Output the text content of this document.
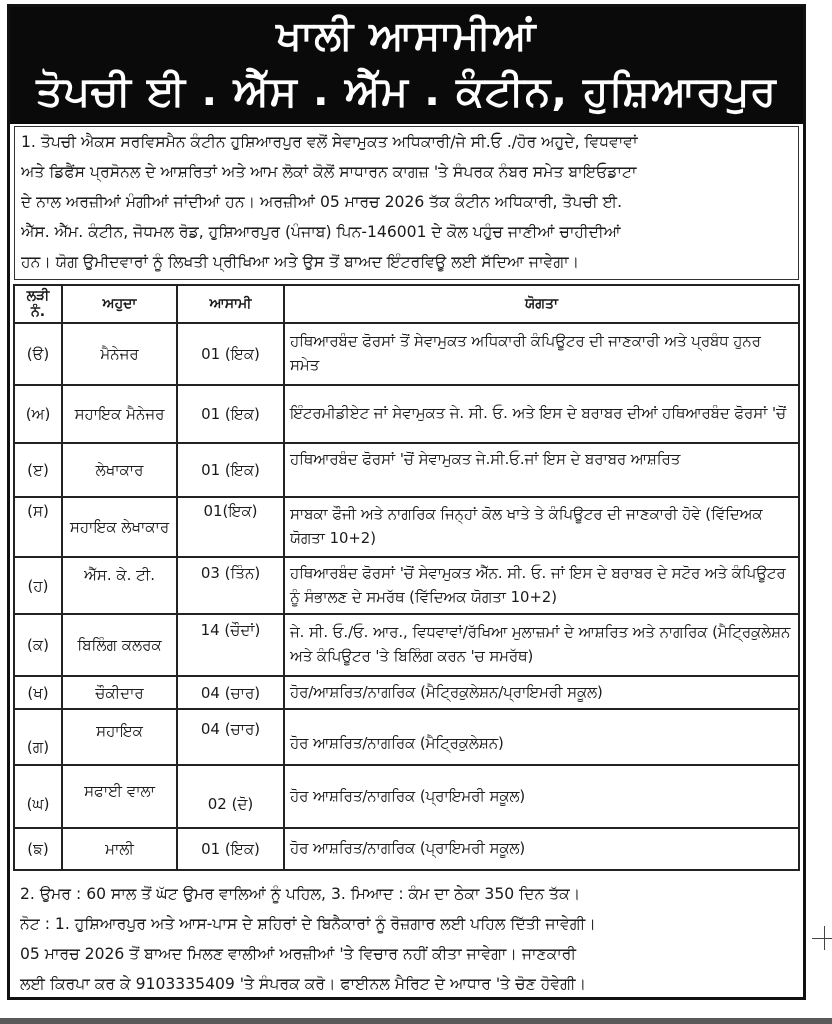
ਖਾਲੀ ਆਸਾਮੀਆਂ
ਤੋਪਚੀ ਈ . ਐੱਸ . ਐੱਮ . ਕੰਟੀਨ, ਹੁਸ਼ਿਆਰਪੁਰ
1. ਤੋਪਚੀ ਐਕਸ ਸਰਵਿਸਮੈਨ ਕੰਟੀਨ ਹੁਸ਼ਿਆਰਪੁਰ ਵਲੋਂ ਸੇਵਾਮੁਕਤ ਅਧਿਕਾਰੀ/ਜੇ ਸੀ.ਓ ./ਹੋਰ ਅਹੁਦੇ, ਵਿਧਵਾਵਾਂ
ਅਤੇ ਡਿਫੈਂਸ ਪ੍ਰਸੋਨਲ ਦੇ ਆਸ਼ਰਿਤਾਂ ਅਤੇ ਆਮ ਲੋਕਾਂ ਕੋਲੋਂ ਸਾਧਾਰਨ ਕਾਗਜ਼ 'ਤੇ ਸੰਪਰਕ ਨੰਬਰ ਸਮੇਤ ਬਾਇਓਡਾਟਾ
ਦੇ ਨਾਲ ਅਰਜ਼ੀਆਂ ਮੰਗੀਆਂ ਜਾਂਦੀਆਂ ਹਨ। ਅਰਜ਼ੀਆਂ 05 ਮਾਰਚ 2026 ਤੱਕ ਕੰਟੀਨ ਅਧਿਕਾਰੀ, ਤੋਪਚੀ ਈ.
ਐੱਸ. ਐੱਮ. ਕੰਟੀਨ, ਜੋਧਮਲ ਰੋਡ, ਹੁਸ਼ਿਆਰਪੁਰ (ਪੰਜਾਬ) ਪਿਨ-146001 ਦੇ ਕੋਲ ਪਹੁੰਚ ਜਾਣੀਆਂ ਚਾਹੀਦੀਆਂ
ਹਨ। ਯੋਗ ਉਮੀਦਵਾਰਾਂ ਨੂੰ ਲਿਖਤੀ ਪ੍ਰੀਖਿਆ ਅਤੇ ਉਸ ਤੋਂ ਬਾਅਦ ਇੰਟਰਵਿਊ ਲਈ ਸੱਦਿਆ ਜਾਵੇਗਾ।
ਲੜੀ ਨੰ.	ਅਹੁਦਾ	ਆਸਾਮੀ	ਯੋਗਤਾ
(ੳ)	ਮੈਨੇਜਰ	01 (ਇਕ)	ਹਥਿਆਰਬੰਦ ਫੋਰਸਾਂ ਤੋਂ ਸੇਵਾਮੁਕਤ ਅਧਿਕਾਰੀ ਕੰਪਿਊਟਰ ਦੀ ਜਾਣਕਾਰੀ ਅਤੇ ਪ੍ਰਬੰਧ ਹੁਨਰ ਸਮੇਤ
(ਅ)	ਸਹਾਇਕ ਮੈਨੇਜਰ	01 (ਇਕ)	ਇੰਟਰਮੀਡੀਏਟ ਜਾਂ ਸੇਵਾਮੁਕਤ ਜੇ. ਸੀ. ਓ. ਅਤੇ ਇਸ ਦੇ ਬਰਾਬਰ ਦੀਆਂ ਹਥਿਆਰਬੰਦ ਫੋਰਸਾਂ 'ਚੋਂ
(ੲ)	ਲੇਖਾਕਾਰ	01 (ਇਕ)	ਹਥਿਆਰਬੰਦ ਫੋਰਸਾਂ 'ਚੋਂ ਸੇਵਾਮੁਕਤ ਜੇ.ਸੀ.ਓ.ਜਾਂ ਇਸ ਦੇ ਬਰਾਬਰ ਆਸ਼ਰਿਤ
(ਸ)	ਸਹਾਇਕ ਲੇਖਾਕਾਰ	01(ਇਕ)	ਸਾਬਕਾ ਫੌਜੀ ਅਤੇ ਨਾਗਰਿਕ ਜਿਨ੍ਹਾਂ ਕੋਲ ਖਾਤੇ ਤੇ ਕੰਪਿਊਟਰ ਦੀ ਜਾਣਕਾਰੀ ਹੋਵੇ (ਵਿੱਦਿਅਕ ਯੋਗਤਾ 10+2)
(ਹ)	ਐੱਸ. ਕੇ. ਟੀ.	03 (ਤਿੰਨ)	ਹਥਿਆਰਬੰਦ ਫੋਰਸਾਂ 'ਚੋਂ ਸੇਵਾਮੁਕਤ ਐੱਨ. ਸੀ. ਓ. ਜਾਂ ਇਸ ਦੇ ਬਰਾਬਰ ਦੇ ਸਟੋਰ ਅਤੇ ਕੰਪਿਊਟਰ ਨੂੰ ਸੰਭਾਲਣ ਦੇ ਸਮਰੱਥ (ਵਿੱਦਿਅਕ ਯੋਗਤਾ 10+2)
(ਕ)	ਬਿਲਿੰਗ ਕਲਰਕ	14 (ਚੌਦਾਂ)	ਜੇ. ਸੀ. ਓ./ਓ. ਆਰ., ਵਿਧਵਾਵਾਂ/ਰੱਖਿਆ ਮੁਲਾਜ਼ਮਾਂ ਦੇ ਆਸ਼ਰਿਤ ਅਤੇ ਨਾਗਰਿਕ (ਮੈਟ੍ਰਿਕੁਲੇਸ਼ਨ ਅਤੇ ਕੰਪਿਊਟਰ 'ਤੇ ਬਿਲਿੰਗ ਕਰਨ 'ਚ ਸਮਰੱਥ)
(ਖ)	ਚੌਕੀਦਾਰ	04 (ਚਾਰ)	ਹੋਰ/ਆਸ਼ਰਿਤ/ਨਾਗਰਿਕ (ਮੈਟ੍ਰਿਕੁਲੇਸ਼ਨ/ਪ੍ਰਾਇਮਰੀ ਸਕੂਲ)
(ਗ)	ਸਹਾਇਕ	04 (ਚਾਰ)	ਹੋਰ ਆਸ਼ਰਿਤ/ਨਾਗਰਿਕ (ਮੈਟ੍ਰਿਕੁਲੇਸ਼ਨ)
(ਘ)	ਸਫਾਈ ਵਾਲਾ	02 (ਦੋ)	ਹੋਰ ਆਸ਼ਰਿਤ/ਨਾਗਰਿਕ (ਪ੍ਰਾਇਮਰੀ ਸਕੂਲ)
(ਙ)	ਮਾਲੀ	01 (ਇਕ)	ਹੋਰ ਆਸ਼ਰਿਤ/ਨਾਗਰਿਕ (ਪ੍ਰਾਇਮਰੀ ਸਕੂਲ)
2. ਉਮਰ : 60 ਸਾਲ ਤੋਂ ਘੱਟ ਉਮਰ ਵਾਲਿਆਂ ਨੂੰ ਪਹਿਲ, 3. ਮਿਆਦ : ਕੰਮ ਦਾ ਠੇਕਾ 350 ਦਿਨ ਤੱਕ।
ਨੋਟ : 1. ਹੁਸ਼ਿਆਰਪੁਰ ਅਤੇ ਆਸ-ਪਾਸ ਦੇ ਸ਼ਹਿਰਾਂ ਦੇ ਬਿਨੈਕਾਰਾਂ ਨੂੰ ਰੋਜ਼ਗਾਰ ਲਈ ਪਹਿਲ ਦਿੱਤੀ ਜਾਵੇਗੀ।
05 ਮਾਰਚ 2026 ਤੋਂ ਬਾਅਦ ਮਿਲਣ ਵਾਲੀਆਂ ਅਰਜ਼ੀਆਂ 'ਤੇ ਵਿਚਾਰ ਨਹੀਂ ਕੀਤਾ ਜਾਵੇਗਾ। ਜਾਣਕਾਰੀ
ਲਈ ਕਿਰਪਾ ਕਰ ਕੇ 9103335409 'ਤੇ ਸੰਪਰਕ ਕਰੋ। ਫਾਈਨਲ ਮੈਰਿਟ ਦੇ ਆਧਾਰ 'ਤੇ ਚੋਣ ਹੋਵੇਗੀ।
